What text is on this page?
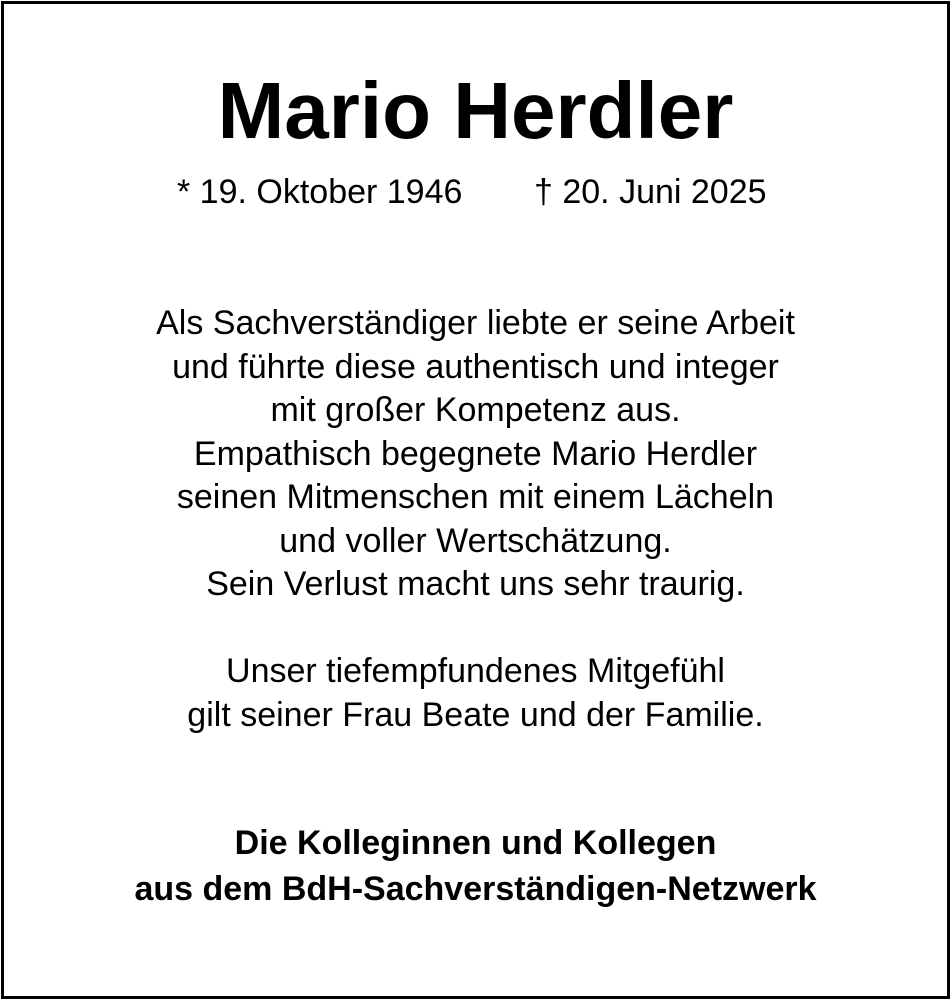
Mario Herdler
* 19. Oktober 1946 † 20. Juni 2025
Als Sachverständiger liebte er seine Arbeit
und führte diese authentisch und integer
mit großer Kompetenz aus.
Empathisch begegnete Mario Herdler
seinen Mitmenschen mit einem Lächeln
und voller Wertschätzung.
Sein Verlust macht uns sehr traurig.
Unser tiefempfundenes Mitgefühl
gilt seiner Frau Beate und der Familie.
Die Kolleginnen und Kollegen
aus dem BdH-Sachverständigen-Netzwerk
